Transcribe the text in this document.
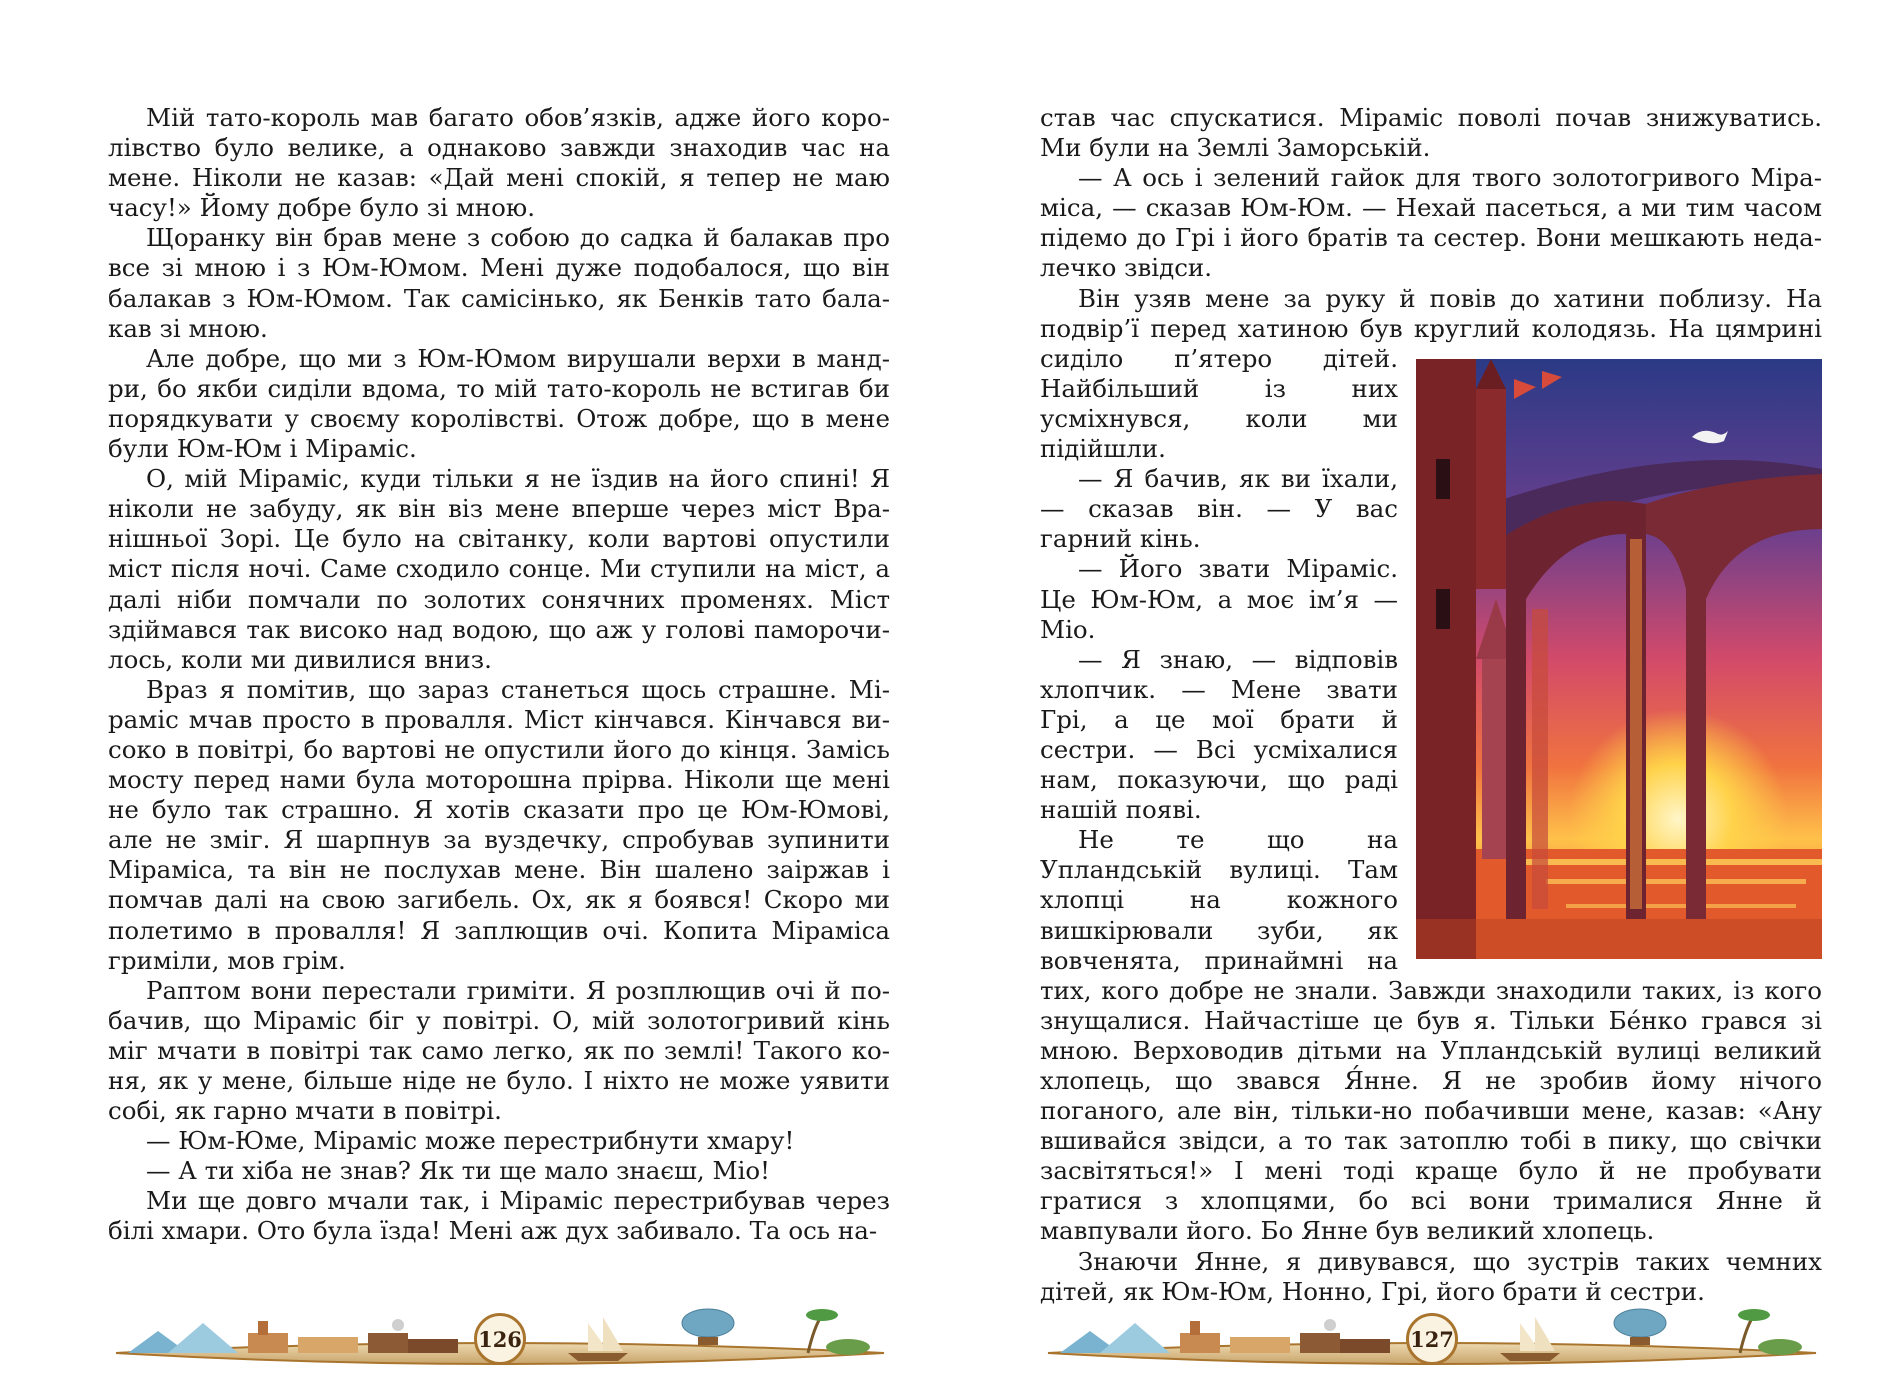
Мій тато-король мав багато обов’язків, адже його королівство було велике, а однаково завжди знаходив час на мене. Ніколи не казав: «Дай мені спокій, я тепер не маю часу!» Йому добре було зі мною.

Щоранку він брав мене з собою до садка й балакав про все зі мною і з Юм-Юмом. Мені дуже подобалося, що він балакав з Юм-Юмом. Так самісінько, як Бенків тато балакав зі мною.

Але добре, що ми з Юм-Юмом вирушали верхи в мандри, бо якби сиділи вдома, то мій тато-король не встигав би порядкувати у своєму королівстві. Отож добре, що в мене були Юм-Юм і Міраміс.

О, мій Міраміс, куди тільки я не їздив на його спині! Я ніколи не забуду, як він віз мене вперше через міст Вранішньої Зорі. Це було на світанку, коли вартові опустили міст після ночі. Саме сходило сонце. Ми ступили на міст, а далі ніби помчали по золотих сонячних променях. Міст здіймався так високо над водою, що аж у голові паморочилось, коли ми дивилися вниз.

Враз я помітив, що зараз станеться щось страшне. Міраміс мчав просто в провалля. Міст кінчався. Кінчався високо в повітрі, бо вартові не опустили його до кінця. Замісь мосту перед нами була моторошна прірва. Ніколи ще мені не було так страшно. Я хотів сказати про це Юм-Юмові, але не зміг. Я шарпнув за вуздечку, спробував зупинити Міраміса, та він не послухав мене. Він шалено заіржав і помчав далі на свою загибель. Ох, як я боявся! Скоро ми полетимо в провалля! Я заплющив очі. Копита Міраміса гриміли, мов грім.

Раптом вони перестали гриміти. Я розплющив очі й побачив, що Міраміс біг у повітрі. О, мій золотогривий кінь міг мчати в повітрі так само легко, як по землі! Такого коня, як у мене, більше ніде не було. І ніхто не може уявити собі, як гарно мчати в повітрі.

— Юм-Юме, Міраміс може перестрибнути хмару!

— А ти хіба не знав? Як ти ще мало знаєш, Міо!

Ми ще довго мчали так, і Міраміс перестрибував через білі хмари. Ото була їзда! Мені аж дух забивало. Та ось на-

126

став час спускатися. Міраміс поволі почав знижуватись. Ми були на Землі Заморській.

— А ось і зелений гайок для твого золотогривого Міраміса, — сказав Юм-Юм. — Нехай пасеться, а ми тим часом підемо до Грі і його братів та сестер. Вони мешкають недалечко звідси.

Він узяв мене за руку й повів до хатини поблизу. На подвір’ї перед хатиною був круглий колодязь. На цямрині
сиділо п’ятеро дітей. Найбільший із них усміхнувся, коли ми підійшли.

— Я бачив, як ви їхали, — сказав він. — У вас гарний кінь.

— Його звати Міраміс. Це Юм-Юм, а моє ім’я — Міо.

— Я знаю, — відповів хлопчик. — Мене звати Грі, а це мої брати й сестри. — Всі усміхалися нам, показуючи, що раді нашій появі.

Не те що на Упландській вулиці. Там хлопці на кожного вишкірювали зуби, як вовченята, принаймні на тих, кого добре не знали. Завжди знаходили таких, із кого знущалися. Найчастіше це був я. Тільки Бе́нко грався зі мною. Верховодив дітьми на Упландській вулиці великий хлопець, що звався Я́нне. Я не зробив йому нічого поганого, але він, тільки-но побачивши мене, казав: «Ану вшивайся звідси, а то так затоплю тобі в пику, що свічки засвітяться!» І мені тоді краще було й не пробувати гратися з хлопцями, бо всі вони трималися Янне й мавпували його. Бо Янне був великий хлопець.

Знаючи Янне, я дивувався, що зустрів таких чемних дітей, як Юм-Юм, Нонно, Грі, його брати й сестри.

127
